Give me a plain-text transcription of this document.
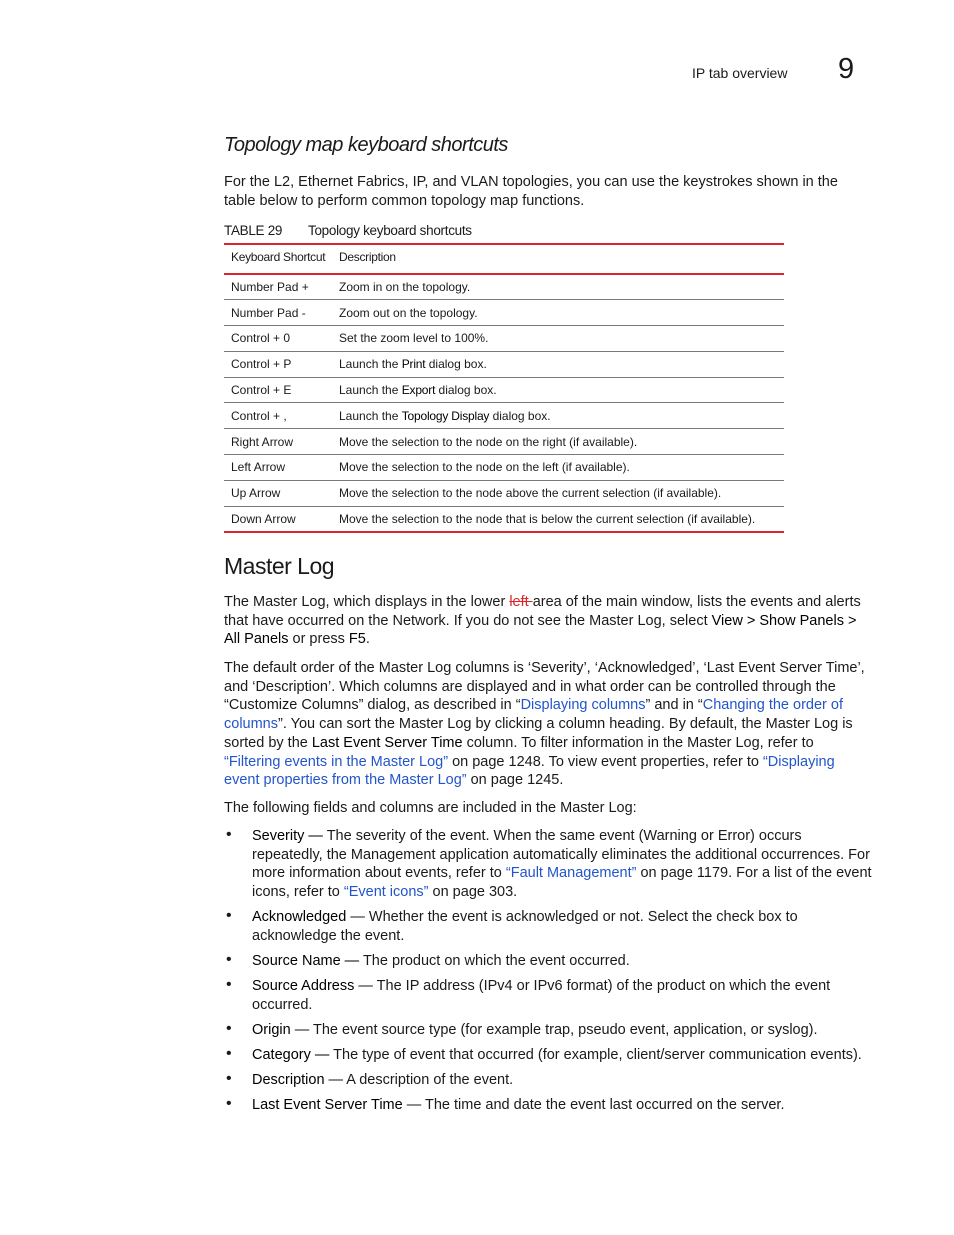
IP tab overview 9
Topology map keyboard shortcuts
For the L2, Ethernet Fabrics, IP, and VLAN topologies, you can use the keystrokes shown in the table below to perform common topology map functions.
TABLE 29 Topology keyboard shortcuts
Keyboard Shortcut	Description
Number Pad +	Zoom in on the topology.
Number Pad -	Zoom out on the topology.
Control + 0	Set the zoom level to 100%.
Control + P	Launch the Print dialog box.
Control + E	Launch the Export dialog box.
Control + ,	Launch the Topology Display dialog box.
Right Arrow	Move the selection to the node on the right (if available).
Left Arrow	Move the selection to the node on the left (if available).
Up Arrow	Move the selection to the node above the current selection (if available).
Down Arrow	Move the selection to the node that is below the current selection (if available).
Master Log

The Master Log, which displays in the lower left area of the main window, lists the events and alerts that have occurred on the Network. If you do not see the Master Log, select View > Show Panels > All Panels or press F5.

The default order of the Master Log columns is ‘Severity’, ‘Acknowledged’, ‘Last Event Server Time’, and ‘Description’. Which columns are displayed and in what order can be controlled through the “Customize Columns” dialog, as described in “Displaying columns” and in “Changing the order of columns”. You can sort the Master Log by clicking a column heading. By default, the Master Log is sorted by the Last Event Server Time column. To filter information in the Master Log, refer to “Filtering events in the Master Log” on page 1248. To view event properties, refer to “Displaying event properties from the Master Log” on page 1245.

The following fields and columns are included in the Master Log:

• Severity — The severity of the event. When the same event (Warning or Error) occurs repeatedly, the Management application automatically eliminates the additional occurrences. For more information about events, refer to “Fault Management” on page 1179. For a list of the event icons, refer to “Event icons” on page 303.
• Acknowledged — Whether the event is acknowledged or not. Select the check box to acknowledge the event.
• Source Name — The product on which the event occurred.
• Source Address — The IP address (IPv4 or IPv6 format) of the product on which the event occurred.
• Origin — The event source type (for example trap, pseudo event, application, or syslog).
• Category — The type of event that occurred (for example, client/server communication events).
• Description — A description of the event.
• Last Event Server Time — The time and date the event last occurred on the server.
